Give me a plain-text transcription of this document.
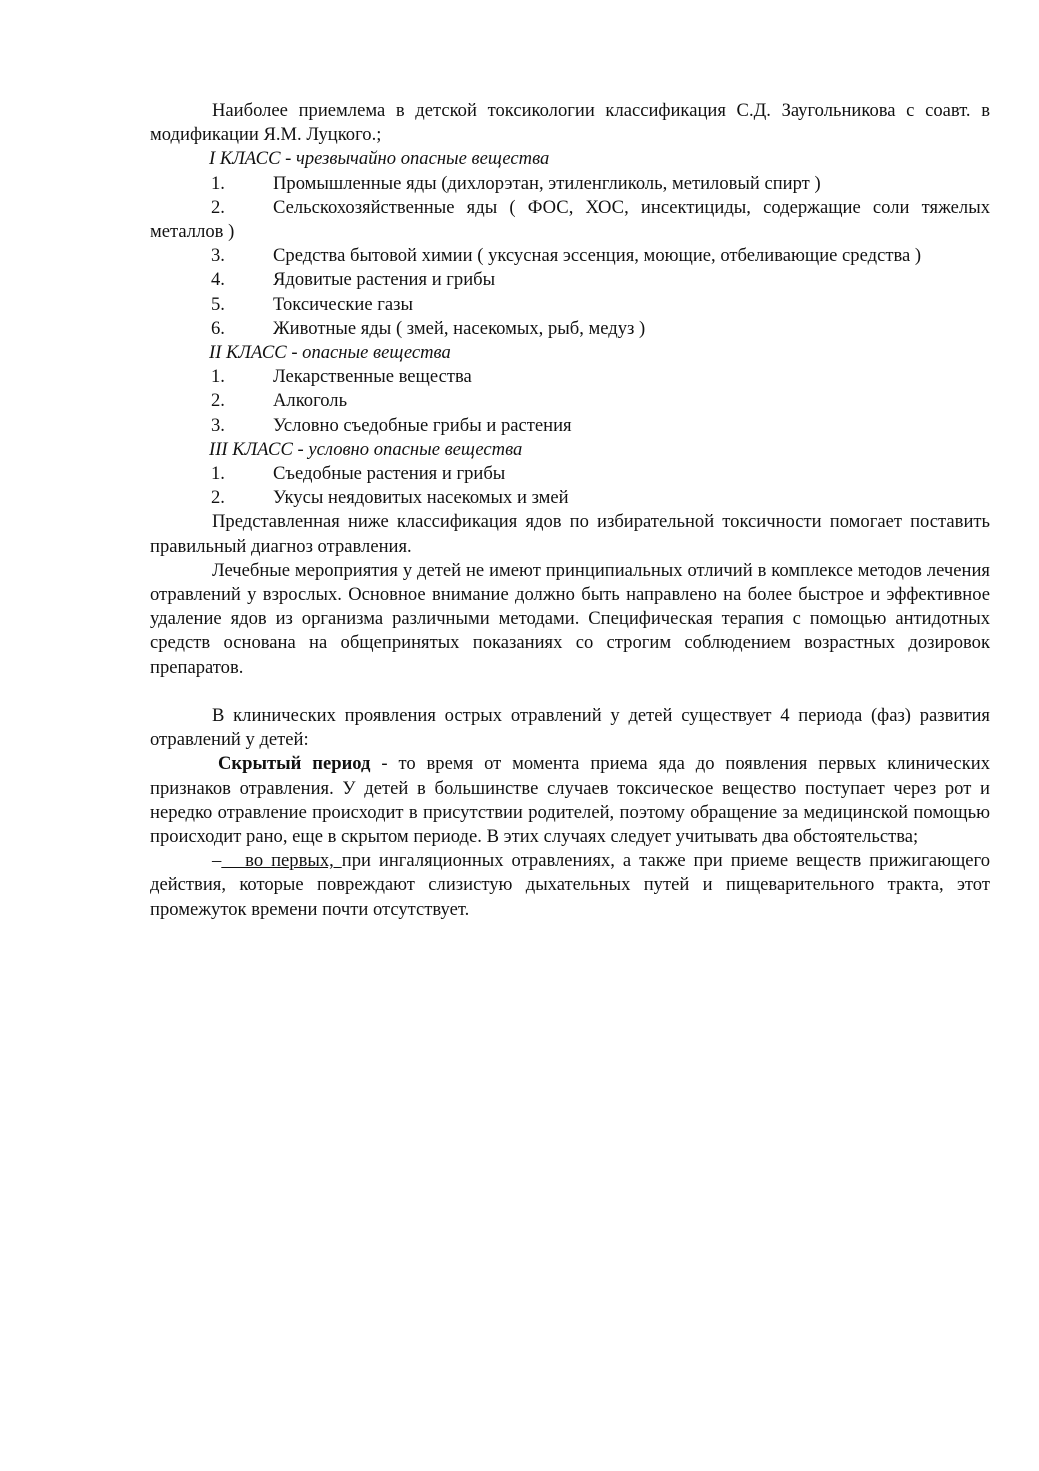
Наиболее приемлема в детской токсикологии классификация С.Д. Заугольникова с соавт. в модификации Я.М. Луцкого.;

I КЛАСС - чрезвычайно опасные вещества

1.	Промышленные яды (дихлорэтан, этиленгликоль, метиловый спирт )

2.	Сельскохозяйственные яды ( ФОС, ХОС, инсектициды, содержащие соли тяжелых металлов )

3.	Средства бытовой химии ( уксусная эссенция, моющие, отбеливающие средства )

4.	Ядовитые растения и грибы
5.	Токсические газы
6.	Животные яды ( змей, насекомых, рыб, медуз )

II КЛАСС - опасные вещества

1.	Лекарственные вещества
2.	Алкоголь
3.	Условно съедобные грибы и растения

III КЛАСС - условно опасные вещества

1.	Съедобные растения и грибы
2.	Укусы неядовитых насекомых и змей

Представленная ниже классификация ядов по избирательной токсичности помогает поставить правильный диагноз отравления.

Лечебные мероприятия у детей не имеют принципиальных отличий в комплексе методов лечения отравлений у взрослых. Основное внимание должно быть направлено на более быстрое и эффективное удаление ядов из организма различными методами. Специфическая терапия с помощью антидотных средств основана на общепринятых показаниях со строгим соблюдением возрастных дозировок препаратов.

В клинических проявления острых отравлений у детей существует 4 периода (фаз) развития отравлений у детей:

Скрытый период - то время от момента приема яда до появления первых клинических признаков отравления. У детей в большинстве случаев токсическое вещество поступает через рот и нередко отравление происходит в присутствии родителей, поэтому обращение за медицинской помощью происходит рано, еще в скрытом периоде. В этих случаях следует учитывать два обстоятельства;

–   во первых, при ингаляционных отравлениях, а также при приеме веществ прижигающего действия, которые повреждают слизистую дыхательных путей и пищеварительного тракта, этот промежуток времени почти отсутствует.
